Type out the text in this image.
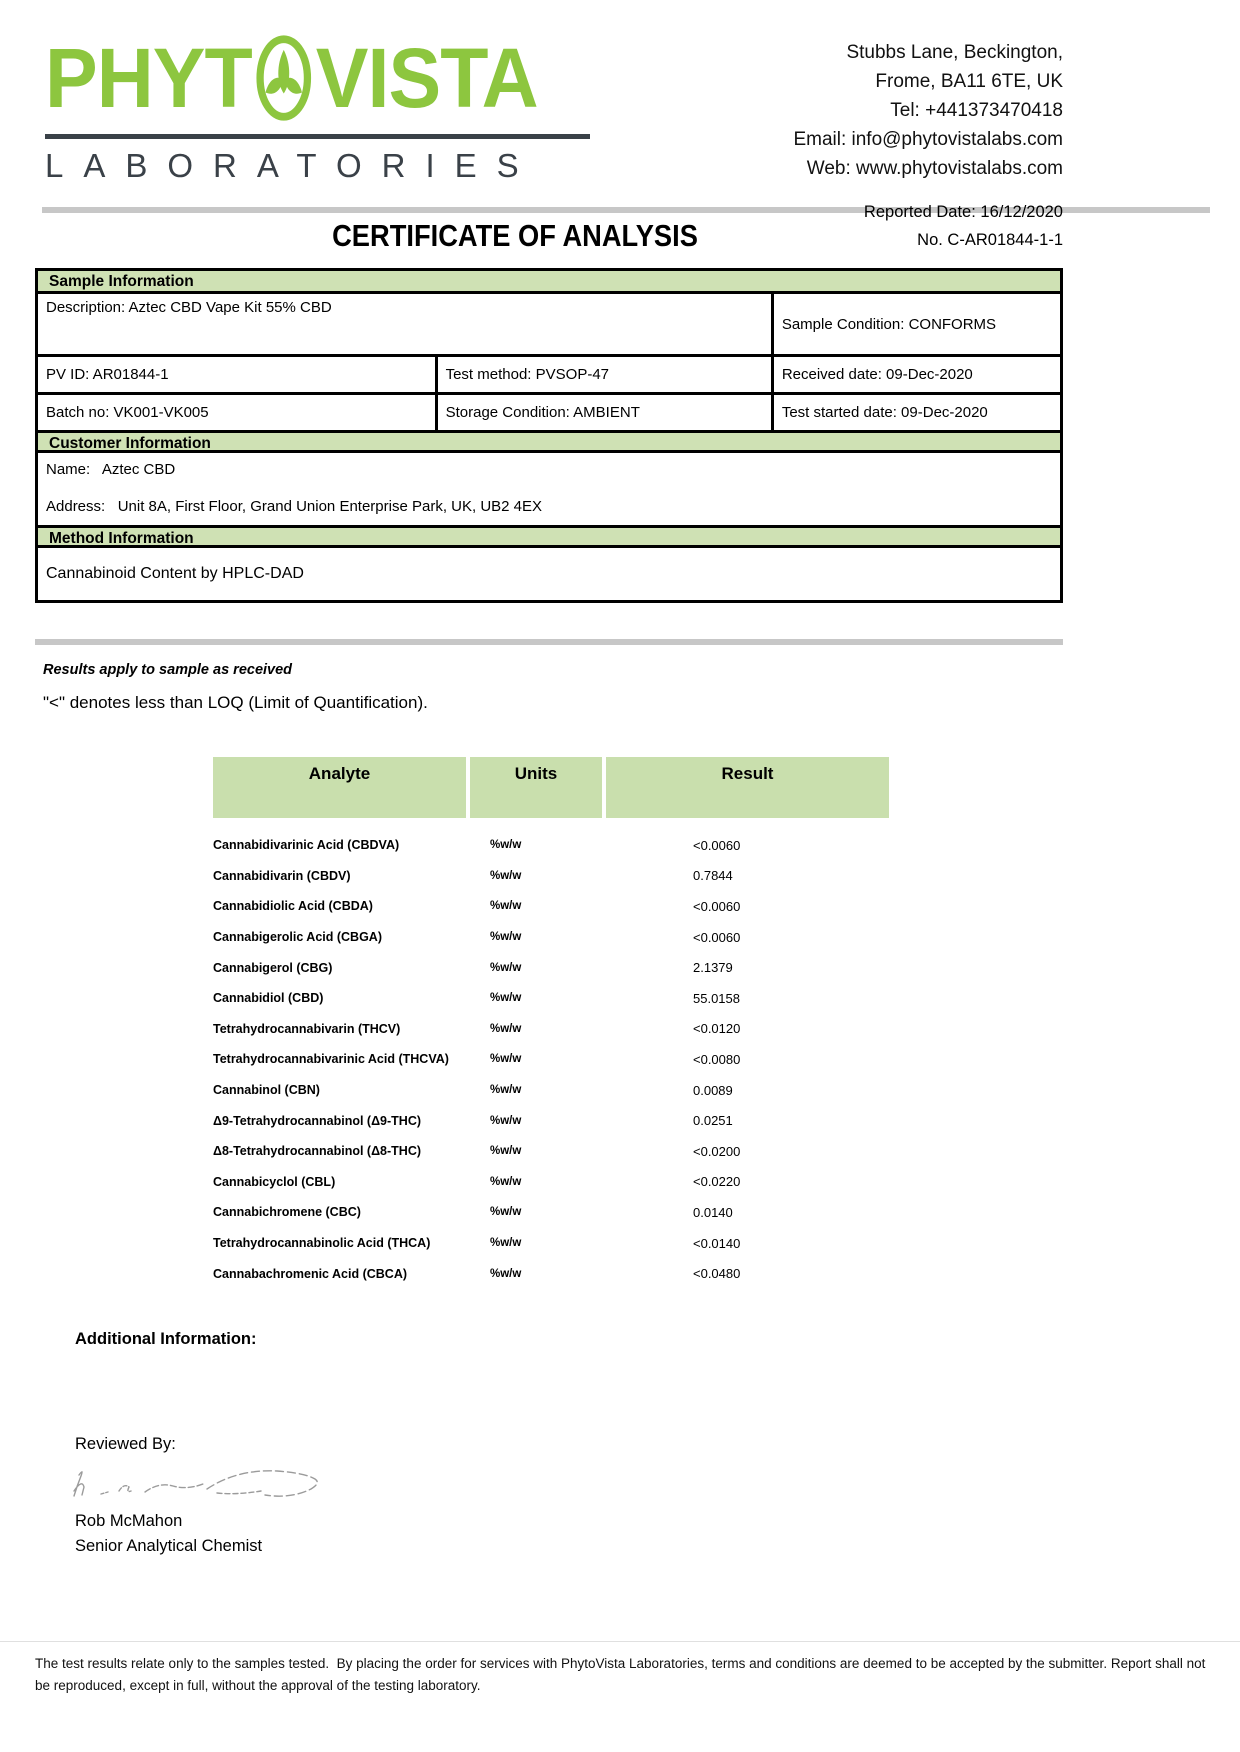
PHYT VISTA
LABORATORIES
Stubbs Lane, Beckington,
Frome, BA11 6TE, UK
Tel: +441373470418
Email: info@phytovistalabs.com
Web: www.phytovistalabs.com
Reported Date: 16/12/2020
No. C-AR01844-1-1
CERTIFICATE OF ANALYSIS
Sample Information
Description: Aztec CBD Vape Kit 55% CBD
Sample Condition: CONFORMS
PV ID: AR01844-1	Test method: PVSOP-47	Received date: 09-Dec-2020
Batch no: VK001-VK005	Storage Condition: AMBIENT	Test started date: 09-Dec-2020
Customer Information
Name:   Aztec CBD
Address:   Unit 8A, First Floor, Grand Union Enterprise Park, UK, UB2 4EX
Method Information
Cannabinoid Content by HPLC-DAD
Results apply to sample as received
"<" denotes less than LOQ (Limit of Quantification).
Analyte	Units	Result
Cannabidivarinic Acid (CBDVA)	%w/w	<0.0060
Cannabidivarin (CBDV)	%w/w	0.7844
Cannabidiolic Acid (CBDA)	%w/w	<0.0060
Cannabigerolic Acid (CBGA)	%w/w	<0.0060
Cannabigerol (CBG)	%w/w	2.1379
Cannabidiol (CBD)	%w/w	55.0158
Tetrahydrocannabivarin (THCV)	%w/w	<0.0120
Tetrahydrocannabivarinic Acid (THCVA)	%w/w	<0.0080
Cannabinol (CBN)	%w/w	0.0089
Δ9-Tetrahydrocannabinol (Δ9-THC)	%w/w	0.0251
Δ8-Tetrahydrocannabinol (Δ8-THC)	%w/w	<0.0200
Cannabicyclol (CBL)	%w/w	<0.0220
Cannabichromene (CBC)	%w/w	0.0140
Tetrahydrocannabinolic Acid (THCA)	%w/w	<0.0140
Cannabachromenic Acid (CBCA)	%w/w	<0.0480
Additional Information:
Reviewed By:
Rob McMahon
Senior Analytical Chemist
The test results relate only to the samples tested.  By placing the order for services with PhytoVista Laboratories, terms and conditions are deemed to be accepted by the submitter. Report shall not be reproduced, except in full, without the approval of the testing laboratory.
